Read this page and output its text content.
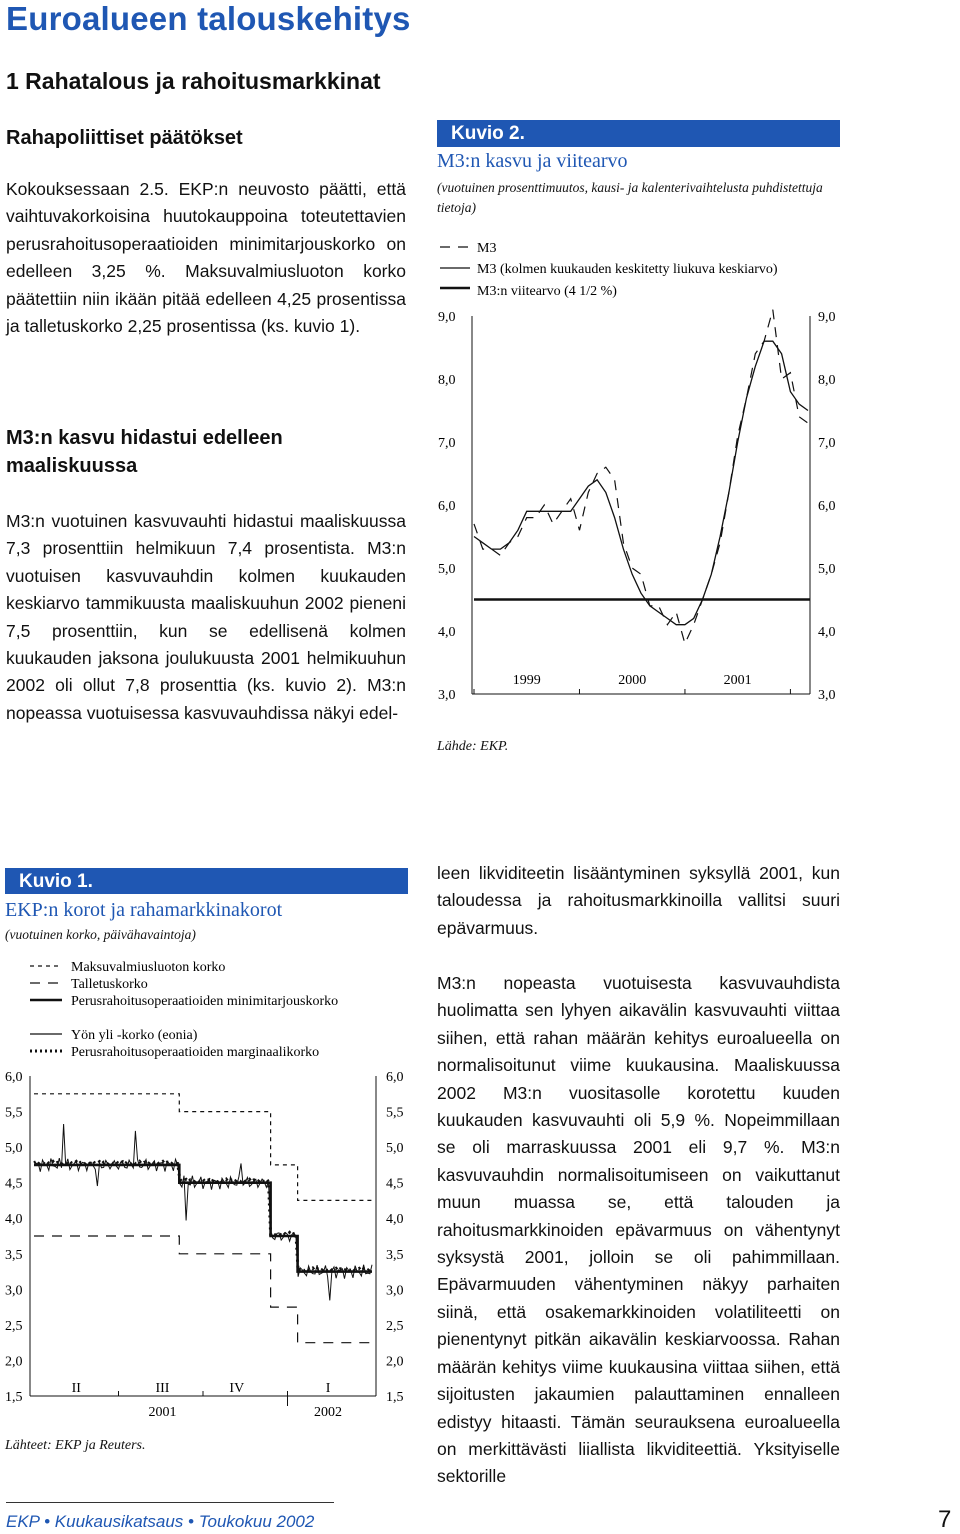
Euroalueen talouskehitys
1 Rahatalous ja rahoitusmarkkinat
Rahapoliittiset päätökset

Kokouksessaan 2.5. EKP:n neuvosto päätti, että vaihtuvakorkoisina huutokauppoina toteutettavien perusrahoitusoperaatioiden minimitarjouskorko on edelleen 3,25 %. Maksuvalmiusluoton korko päätettiin niin ikään pitää edelleen 4,25 prosentissa ja talletuskorko 2,25 prosentissa (ks. kuvio 1).

M3:n kasvu hidastui edelleen maaliskuussa

M3:n vuotuinen kasvuvauhti hidastui maaliskuussa 7,3 prosenttiin helmikuun 7,4 prosentista. M3:n vuotuisen kasvuvauhdin kolmen kuukauden keskiarvo tammikuusta maaliskuuhun 2002 pieneni 7,5 prosenttiin, kun se edellisenä kolmen kuukauden jaksona joulukuusta 2001 helmikuuhun 2002 oli ollut 7,8 prosenttia (ks. kuvio 2). M3:n nopeassa vuotuisessa kasvuvauhdissa näkyi edel-

leen likviditeetin lisääntyminen syksyllä 2001, kun taloudessa ja rahoitusmarkkinoilla vallitsi suuri epävarmuus.

M3:n nopeasta vuotuisesta kasvuvauhdista huolimatta sen lyhyen aikavälin kasvuvauhti viittaa siihen, että rahan määrän kehitys euroalueella on normalisoitunut viime kuukausina. Maaliskuussa 2002 M3:n vuositasolle korotettu kuuden kuukauden kasvuvauhti oli 5,9 %. Nopeimmillaan se oli marraskuussa 2001 eli 9,7 %. M3:n kasvuvauhdin normalisoitumiseen on vaikuttanut muun muassa se, että talouden ja rahoitusmarkkinoiden epävarmuus on vähentynyt syksystä 2001, jolloin se oli pahimmillaan. Epävarmuuden vähentyminen näkyy parhaiten siinä, että osakemarkkinoiden volatiliteetti on pienentynyt pitkän aikavälin keskiarvoossa. Rahan määrän kehitys viime kuukausina viittaa siihen, että sijoitusten jakaumien palauttaminen ennalleen edistyy hitaasti. Tämän seurauksena euroalueella on merkittävästi liiallista likviditeettiä. Yksityiselle sektorille

Kuvio 2.
M3:n kasvu ja viitearvo
(vuotuinen prosenttimuutos, kausi- ja kalenterivaihtelusta puhdistettuja tietoja)
M3
M3 (kolmen kuukauden keskitetty liukuva keskiarvo)
M3:n viitearvo (4 1/2 %)
9,0	9,0
8,0	8,0
7,0	7,0
6,0	6,0
5,0	5,0
4,0	4,0
3,0	3,0
1999	2000	2001
Lähde: EKP.
Kuvio 1.
EKP:n korot ja rahamarkkinakorot
(vuotuinen korko, päivähavaintoja)
Maksuvalmiusluoton korko
Talletuskorko
Perusrahoitusoperaatioiden minimitarjouskorko
Yön yli -korko (eonia)
Perusrahoitusoperaatioiden marginaalikorko
6,0	6,0
5,5	5,5
5,0	5,0
4,5	4,5
4,0	4,0
3,5	3,5
3,0	3,0
2,5	2,5
2,0	2,0
1,5	1,5
II	III	IV	I
2001	2002
Lähteet: EKP ja Reuters.
EKP • Kuukausikatsaus • Toukokuu 2002	7
